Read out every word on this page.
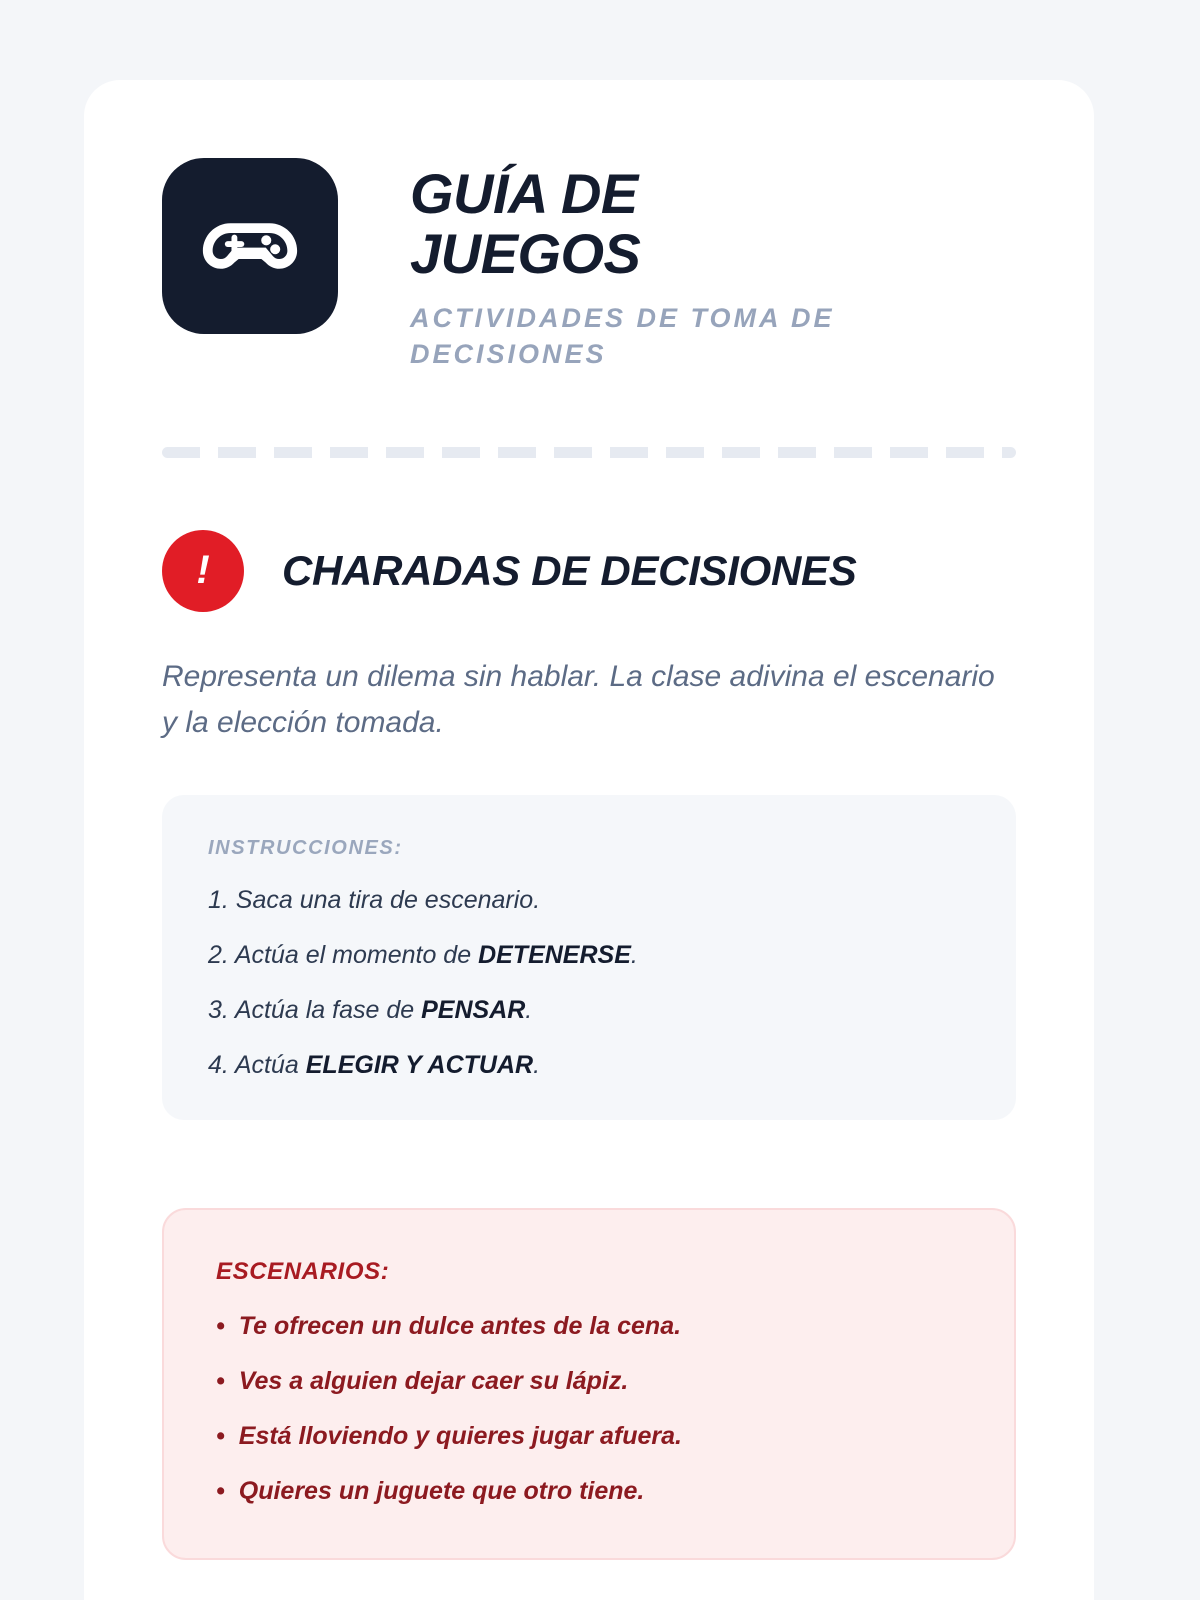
GUÍA DE JUEGOS
ACTIVIDADES DE TOMA DE DECISIONES
!	CHARADAS DE DECISIONES
Representa un dilema sin hablar. La clase adivina el escenario y la elección tomada.
INSTRUCCIONES:
1. Saca una tira de escenario.
2. Actúa el momento de DETENERSE.
3. Actúa la fase de PENSAR.
4. Actúa ELEGIR Y ACTUAR.
ESCENARIOS:
• Te ofrecen un dulce antes de la cena.
• Ves a alguien dejar caer su lápiz.
• Está lloviendo y quieres jugar afuera.
• Quieres un juguete que otro tiene.
